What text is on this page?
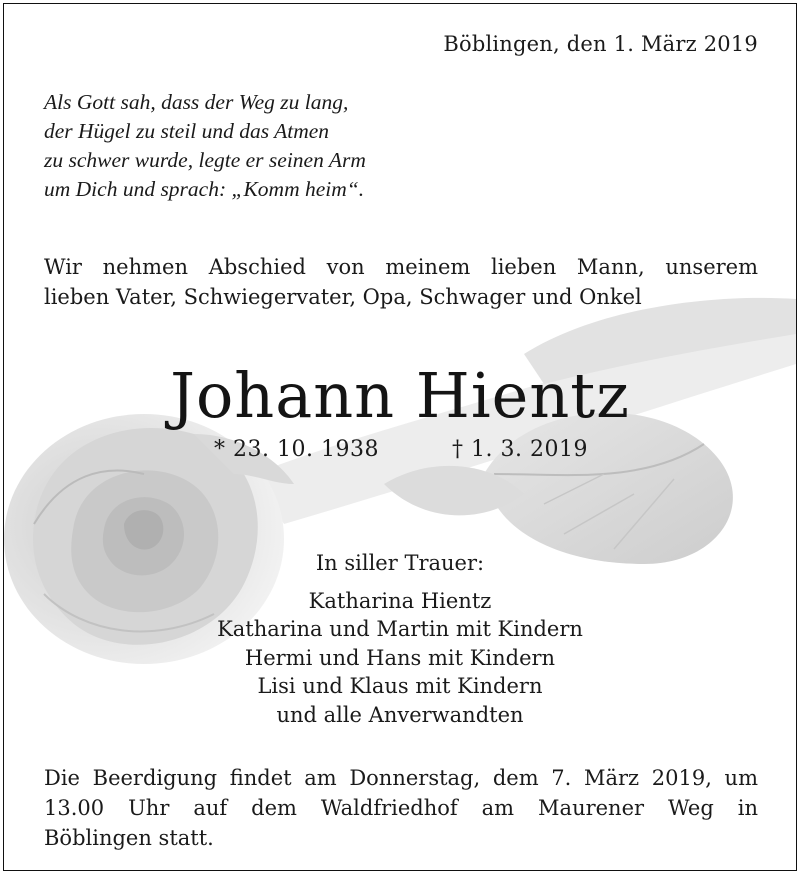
Böblingen, den 1. März 2019
Als Gott sah, dass der Weg zu lang,
der Hügel zu steil und das Atmen
zu schwer wurde, legte er seinen Arm
um Dich und sprach: „Komm heim“.
Wir nehmen Abschied von meinem lieben Mann, unserem
lieben Vater, Schwiegervater, Opa, Schwager und Onkel
Johann Hientz
* 23. 10. 1938	† 1. 3. 2019
In siller Trauer:
Katharina Hientz
Katharina und Martin mit Kindern
Hermi und Hans mit Kindern
Lisi und Klaus mit Kindern
und alle Anverwandten
Die Beerdigung findet am Donnerstag, dem 7. März 2019, um
13.00 Uhr auf dem Waldfriedhof am Maurener Weg in
Böblingen statt.
